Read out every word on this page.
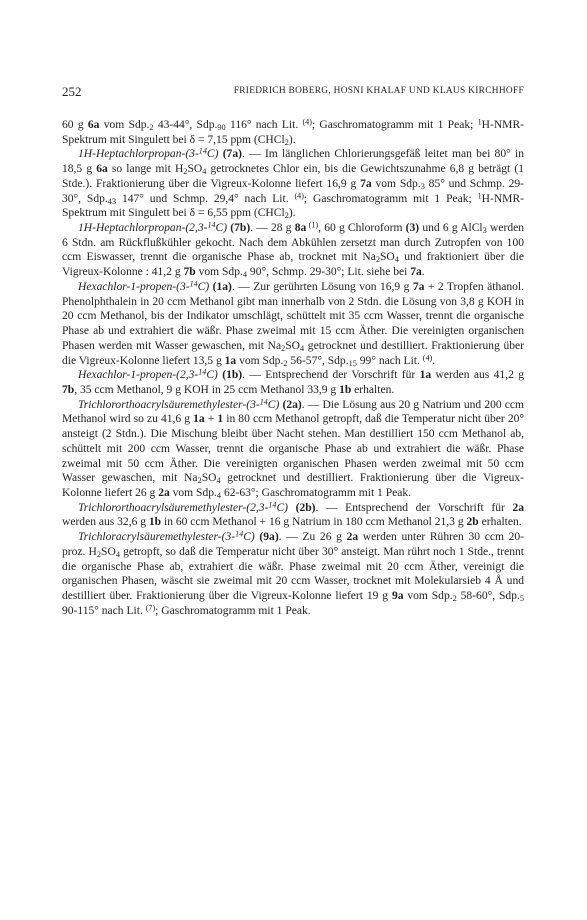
252	FRIEDRICH BOBERG, HOSNI KHALAF UND KLAUS KIRCHHOFF

60 g 6a vom $Sdp._2$ 43-44°, $Sdp._{90}$ 116° nach Lit. $^{(4)}$; Gaschromatogramm mit 1 Peak; $^1$H-NMR-Spektrum mit Singulett bei δ = 7,15 ppm (CHCl$_2$).

1H-Heptachlorpropan-(3-$^{14}$C) (7a). — Im länglichen Chlorierungsgefäß leitet man bei 80° in 18,5 g 6a so lange mit $H_2SO_4$ getrocknetes Chlor ein, bis die Gewichtszunahme 6,8 g beträgt (1 Stde.). Fraktionierung über die Vigreux-Kolonne liefert 16,9 g 7a vom $Sdp._3$ 85° und Schmp. 29-30°, $Sdp._{43}$ 147° und Schmp. 29,4° nach Lit. $^{(4)}$; Gaschromatogramm mit 1 Peak; $^1$H-NMR-Spektrum mit Singulett bei δ = 6,55 ppm (CHCl$_2$).

1H-Heptachlorpropan-(2,3-$^{14}$C) (7b). — 28 g 8a $^{(1)}$, 60 g Chloroform (3) und 6 g AlCl$_3$ werden 6 Stdn. am Rückflußkühler gekocht. Nach dem Abkühlen zersetzt man durch Zutropfen von 100 ccm Eiswasser, trennt die organische Phase ab, trocknet mit $Na_2SO_4$ und fraktioniert über die Vigreux-Kolonne : 41,2 g 7b vom $Sdp._4$ 90°, Schmp. 29-30°; Lit. siehe bei 7a.

Hexachlor-1-propen-(3-$^{14}$C) (1a). — Zur gerührten Lösung von 16,9 g 7a + 2 Tropfen äthanol. Phenolphthalein in 20 ccm Methanol gibt man innerhalb von 2 Stdn. die Lösung von 3,8 g KOH in 20 ccm Methanol, bis der Indikator umschlägt, schüttelt mit 35 ccm Wasser, trennt die organische Phase ab und extrahiert die wäßr. Phase zweimal mit 15 ccm Äther. Die vereinigten organischen Phasen werden mit Wasser gewaschen, mit $Na_2SO_4$ getrocknet und destilliert. Fraktionierung über die Vigreux-Kolonne liefert 13,5 g 1a vom $Sdp._2$ 56-57°, $Sdp._{15}$ 99° nach Lit. $^{(4)}$.

Hexachlor-1-propen-(2,3-$^{14}$C) (1b). — Entsprechend der Vorschrift für 1a werden aus 41,2 g 7b, 35 ccm Methanol, 9 g KOH in 25 ccm Methanol 33,9 g 1b erhalten.

Trichlororthoacrylsäuremethylester-(3-$^{14}$C) (2a). — Die Lösung aus 20 g Natrium und 200 ccm Methanol wird so zu 41,6 g 1a + 1 in 80 ccm Methanol getropft, daß die Temperatur nicht über 20° ansteigt (2 Stdn.). Die Mischung bleibt über Nacht stehen. Man destilliert 150 ccm Methanol ab, schüttelt mit 200 ccm Wasser, trennt die organische Phase ab und extrahiert die wäßr. Phase zweimal mit 50 ccm Äther. Die vereinigten organischen Phasen werden zweimal mit 50 ccm Wasser gewaschen, mit $Na_2SO_4$ getrocknet und destilliert. Fraktionierung über die Vigreux-Kolonne liefert 26 g 2a vom $Sdp._4$ 62-63°; Gaschromatogramm mit 1 Peak.

Trichlororthoacrylsäuremethylester-(2,3-$^{14}$C) (2b). — Entsprechend der Vorschrift für 2a werden aus 32,6 g 1b in 60 ccm Methanol + 16 g Natrium in 180 ccm Methanol 21,3 g 2b erhalten.

Trichloracrylsäuremethylester-(3-$^{14}$C) (9a). — Zu 26 g 2a werden unter Rühren 30 ccm 20-proz. $H_2SO_4$ getropft, so daß die Temperatur nicht über 30° ansteigt. Man rührt noch 1 Stde., trennt die organische Phase ab, extrahiert die wäßr. Phase zweimal mit 20 ccm Äther, vereinigt die organischen Phasen, wäscht sie zweimal mit 20 ccm Wasser, trocknet mit Molekularsieb 4 Å und destilliert über. Fraktionierung über die Vigreux-Kolonne liefert 19 g 9a vom $Sdp._2$ 58-60°, $Sdp._5$ 90-115° nach Lit. $^{(7)}$; Gaschromatogramm mit 1 Peak.
